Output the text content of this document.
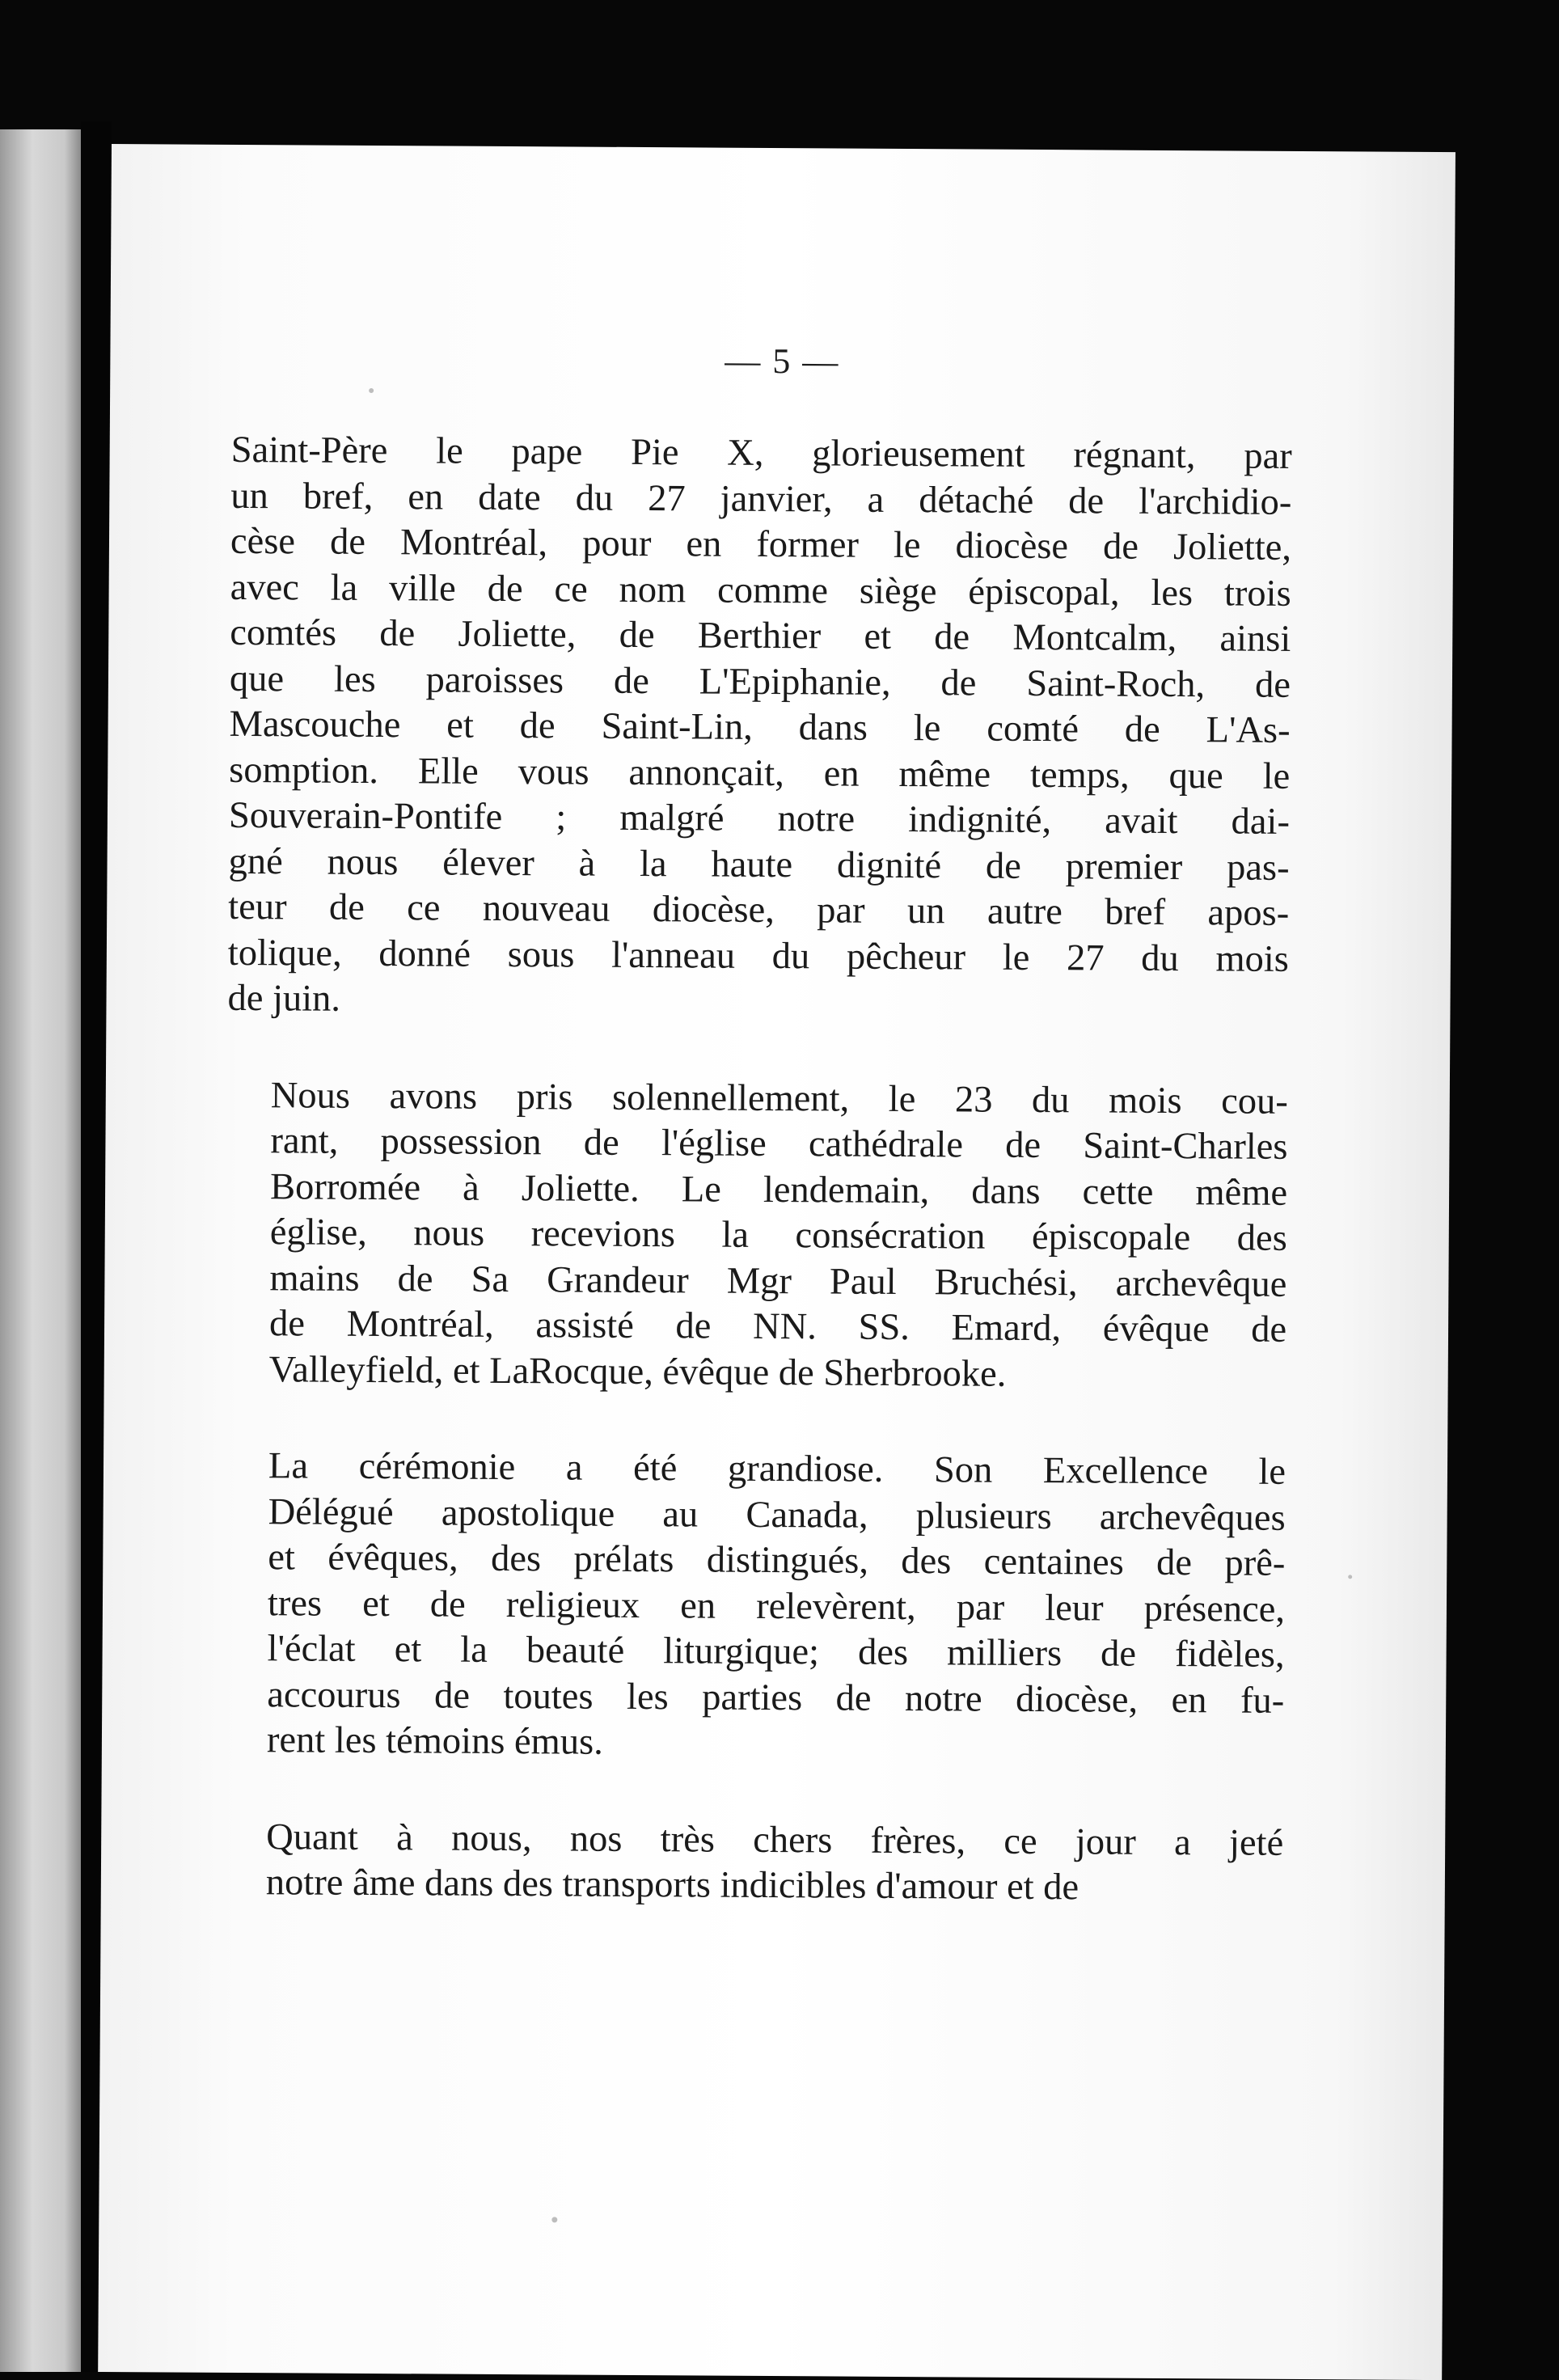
— 5 —
Saint-Père le pape Pie X, glorieusement régnant, par
un bref, en date du 27 janvier, a détaché de l'archidio-
cèse de Montréal, pour en former le diocèse de Joliette,
avec la ville de ce nom comme siège épiscopal, les trois
comtés de Joliette, de Berthier et de Montcalm, ainsi
que les paroisses de L'Epiphanie, de Saint-Roch, de
Mascouche et de Saint-Lin, dans le comté de L'As-
somption. Elle vous annonçait, en même temps, que le
Souverain-Pontife ; malgré notre indignité, avait dai-
gné nous élever à la haute dignité de premier pas-
teur de ce nouveau diocèse, par un autre bref apos-
tolique, donné sous l'anneau du pêcheur le 27 du mois
de juin.
Nous avons pris solennellement, le 23 du mois cou-
rant, possession de l'église cathédrale de Saint-Charles
Borromée à Joliette. Le lendemain, dans cette même
église, nous recevions la consécration épiscopale des
mains de Sa Grandeur Mgr Paul Bruchési, archevêque
de Montréal, assisté de NN. SS. Emard, évêque de
Valleyfield, et LaRocque, évêque de Sherbrooke.
La cérémonie a été grandiose. Son Excellence le
Délégué apostolique au Canada, plusieurs archevêques
et évêques, des prélats distingués, des centaines de prê-
tres et de religieux en relevèrent, par leur présence,
l'éclat et la beauté liturgique; des milliers de fidèles,
accourus de toutes les parties de notre diocèse, en fu-
rent les témoins émus.
Quant à nous, nos très chers frères, ce jour a jeté
notre âme dans des transports indicibles d'amour et de
